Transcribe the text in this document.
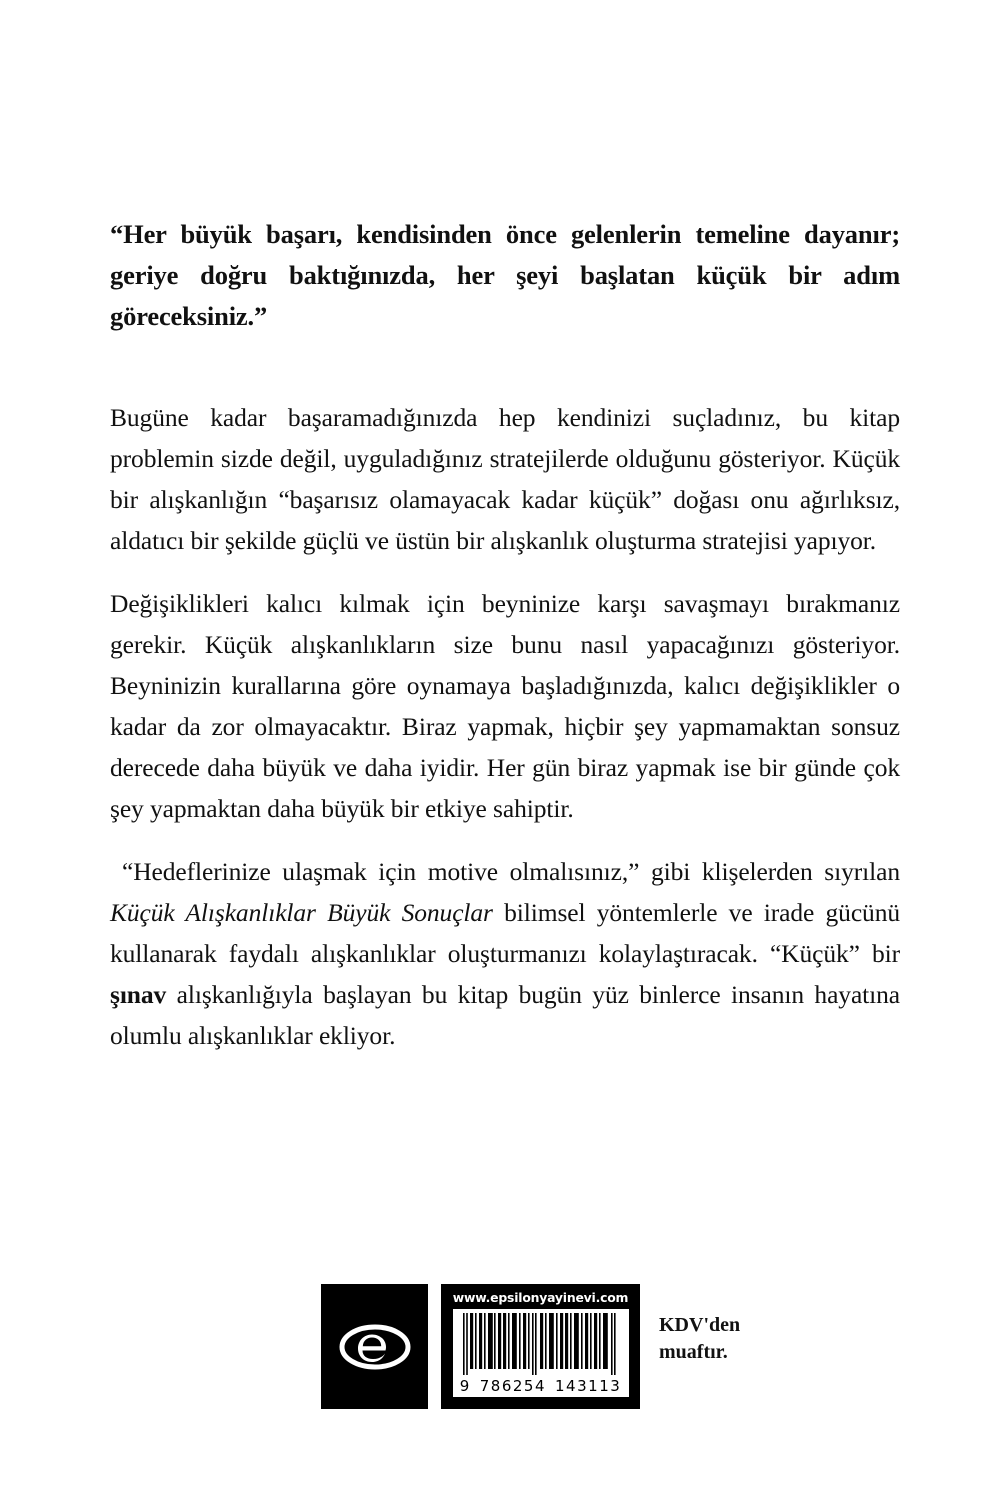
“Her büyük başarı, kendisinden önce gelenlerin temeline dayanır; geriye doğru baktığınızda, her şeyi başlatan küçük bir adım göreceksiniz.”

Bugüne kadar başaramadığınızda hep kendinizi suçladınız, bu kitap problemin sizde değil, uyguladığınız stratejilerde olduğunu gösteriyor. Küçük bir alışkanlığın “başarısız olamayacak kadar küçük” doğası onu ağırlıksız, aldatıcı bir şekilde güçlü ve üstün bir alışkanlık oluşturma stratejisi yapıyor.

Değişiklikleri kalıcı kılmak için beyninize karşı savaşmayı bırakmanız gerekir. Küçük alışkanlıkların size bunu nasıl yapacağınızı gösteriyor. Beyninizin kurallarına göre oynamaya başladığınızda, kalıcı değişiklikler o kadar da zor olmayacaktır. Biraz yapmak, hiçbir şey yapmamaktan sonsuz derecede daha büyük ve daha iyidir. Her gün biraz yapmak ise bir günde çok şey yapmaktan daha büyük bir etkiye sahiptir.

“Hedeflerinize ulaşmak için motive olmalısınız,” gibi klişelerden sıyrılan Küçük Alışkanlıklar Büyük Sonuçlar bilimsel yöntemlerle ve irade gücünü kullanarak faydalı alışkanlıklar oluşturmanızı kolaylaştıracak. “Küçük” bir şınav alışkanlığıyla başlayan bu kitap bugün yüz binlerce insanın hayatına olumlu alışkanlıklar ekliyor.

www.epsilonyayinevi.com
9 786254 143113
KDV'den
muaftır.
